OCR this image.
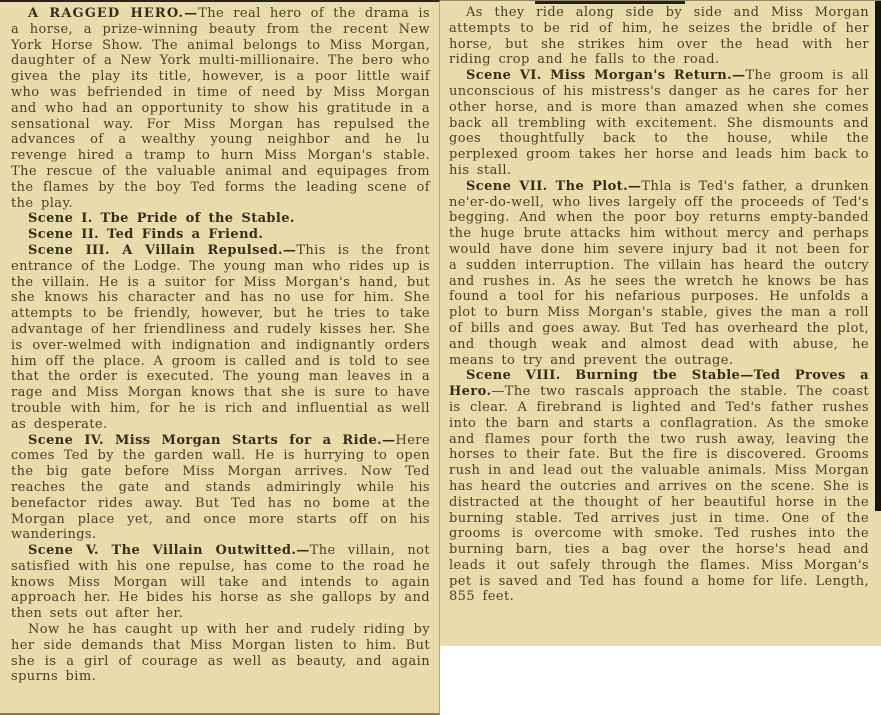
A RAGGED HERO.—The real hero of the drama is a horse, a prize-winning beauty from the recent New York Horse Show. The animal belongs to Miss Morgan, daughter of a New York multi-millionaire. The bero who givea the play its title, however, is a poor little waif who was befriended in time of need by Miss Morgan and who had an opportunity to show his gratitude in a sensational way. For Miss Morgan has repulsed the advances of a wealthy young neighbor and he lu revenge hired a tramp to hurn Miss Morgan's stable. The rescue of the valuable animal and equipages from the flames by the boy Ted forms the leading scene of the play.

Scene I. Tbe Pride of the Stable.

Scene II. Ted Finds a Friend.

Scene III. A Villain Repulsed.—This is the front entrance of the Lodge. The young man who rides up is the villain. He is a suitor for Miss Morgan's hand, but she knows his character and has no use for him. She attempts to be friendly, however, but he tries to take advantage of her friendliness and rudely kisses her. She is over-welmed with indignation and indignantly orders him off the place. A groom is called and is told to see that the order is executed. The young man leaves in a rage and Miss Morgan knows that she is sure to have trouble with him, for he is rich and influential as well as desperate.

Scene IV. Miss Morgan Starts for a Ride.—Here comes Ted by the garden wall. He is hurrying to open the big gate before Miss Morgan arrives. Now Ted reaches the gate and stands admiringly while his benefactor rides away. But Ted has no bome at the Morgan place yet, and once more starts off on his wanderings.

Scene V. The Villain Outwitted.—The villain, not satisfied with his one repulse, has come to the road he knows Miss Morgan will take and intends to again approach her. He bides his horse as she gallops by and then sets out after her.

Now he has caught up with her and rudely riding by her side demands that Miss Morgan listen to him. But she is a girl of courage as well as beauty, and again spurns bim.

As they ride along side by side and Miss Morgan attempts to be rid of him, he seizes the bridle of her horse, but she strikes him over the head with her riding crop and he falls to the road.

Scene VI. Miss Morgan's Return.—The groom is all unconscious of his mistress's danger as he cares for her other horse, and is more than amazed when she comes back all trembling with excitement. She dismounts and goes thoughtfully back to the house, while the perplexed groom takes her horse and leads him back to his stall.

Scene VII. The Plot.—Thla is Ted's father, a drunken ne'er-do-well, who lives largely off the proceeds of Ted's begging. And when the poor boy returns empty-banded the huge brute attacks him without mercy and perhaps would have done him severe injury bad it not been for a sudden interruption. The villain has heard the outcry and rushes in. As he sees the wretch he knows be has found a tool for his nefarious purposes. He unfolds a plot to burn Miss Morgan's stable, gives the man a roll of bills and goes away. But Ted has overheard the plot, and though weak and almost dead with abuse, he means to try and prevent the outrage.

Scene VIII. Burning tbe Stable—Ted Proves a Hero.—The two rascals approach the stable. The coast is clear. A firebrand is lighted and Ted's father rushes into the barn and starts a conflagration. As the smoke and flames pour forth the two rush away, leaving the horses to their fate. But the fire is discovered. Grooms rush in and lead out the valuable animals. Miss Morgan has heard the outcries and arrives on the scene. She is distracted at the thought of her beautiful horse in the burning stable. Ted arrives just in time. One of the grooms is overcome with smoke. Ted rushes into the burning barn, ties a bag over the horse's head and leads it out safely through the flames. Miss Morgan's pet is saved and Ted has found a home for life. Length, 855 feet.
